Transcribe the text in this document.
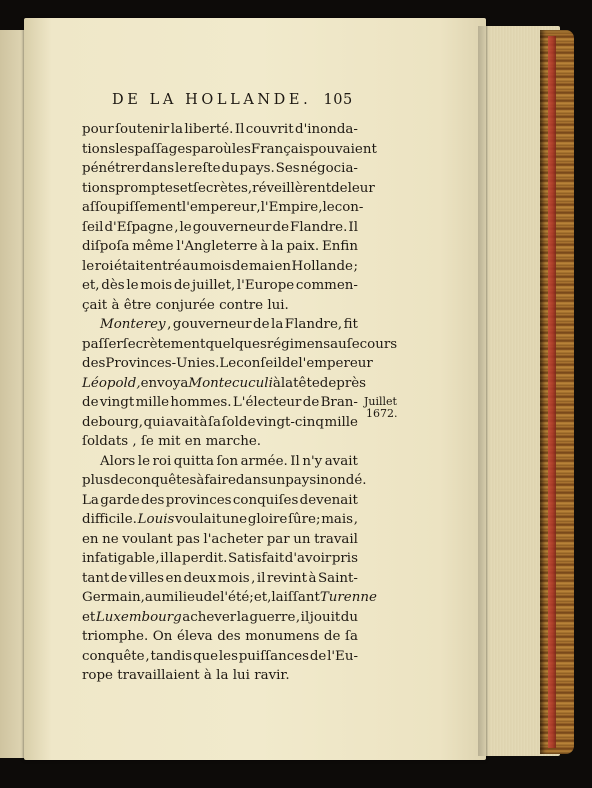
DE LA HOLLANDE. 105
pour ſoutenir la liberté. Il couvrit d'inonda-
tions les paſſages par où les Français pouvaient
pénétrer dans le reſte du pays. Ses négocia-
tions promptes et ſecrètes, réveillèrent de leur
aſſoupiſſement l'empereur , l'Empire, le con-
ſeil d'Eſpagne , le gouverneur de Flandre. Il
diſpoſa même l'Angleterre à la paix. Enfin
le roi était entré au mois de mai en Hollande ;
et, dès le mois de juillet, l'Europe commen-
çait à être conjurée contre lui.
Monterey , gouverneur de la Flandre, fit
paſſer ſecrètement quelques régimens au ſecours
des Provinces-Unies. Le conſeil de l'empereur
Léopold, envoya Montecuculi à la tête de près
de vingt mille hommes. L'électeur de Bran-
debourg, qui avait à ſa ſolde vingt-cinq mille
ſoldats , ſe mit en marche.
Alors le roi quitta ſon armée. Il n'y avait
plus de conquêtes à faire dans un pays inondé.
La garde des provinces conquiſes devenait
difficile. Louis voulait une gloire ſûre; mais ,
en ne voulant pas l'acheter par un travail
infatigable , il la perdit. Satisfait d'avoir pris
tant de villes en deux mois , il revint à Saint-
Germain, au milieu de l'été ; et, laiſſant Turenne
et Luxembourg achever la guerre , il jouit du
triomphe. On éleva des monumens de ſa
conquête , tandis que les puiſſances de l'Eu-
rope travaillaient à la lui ravir.
Juillet
1672.
